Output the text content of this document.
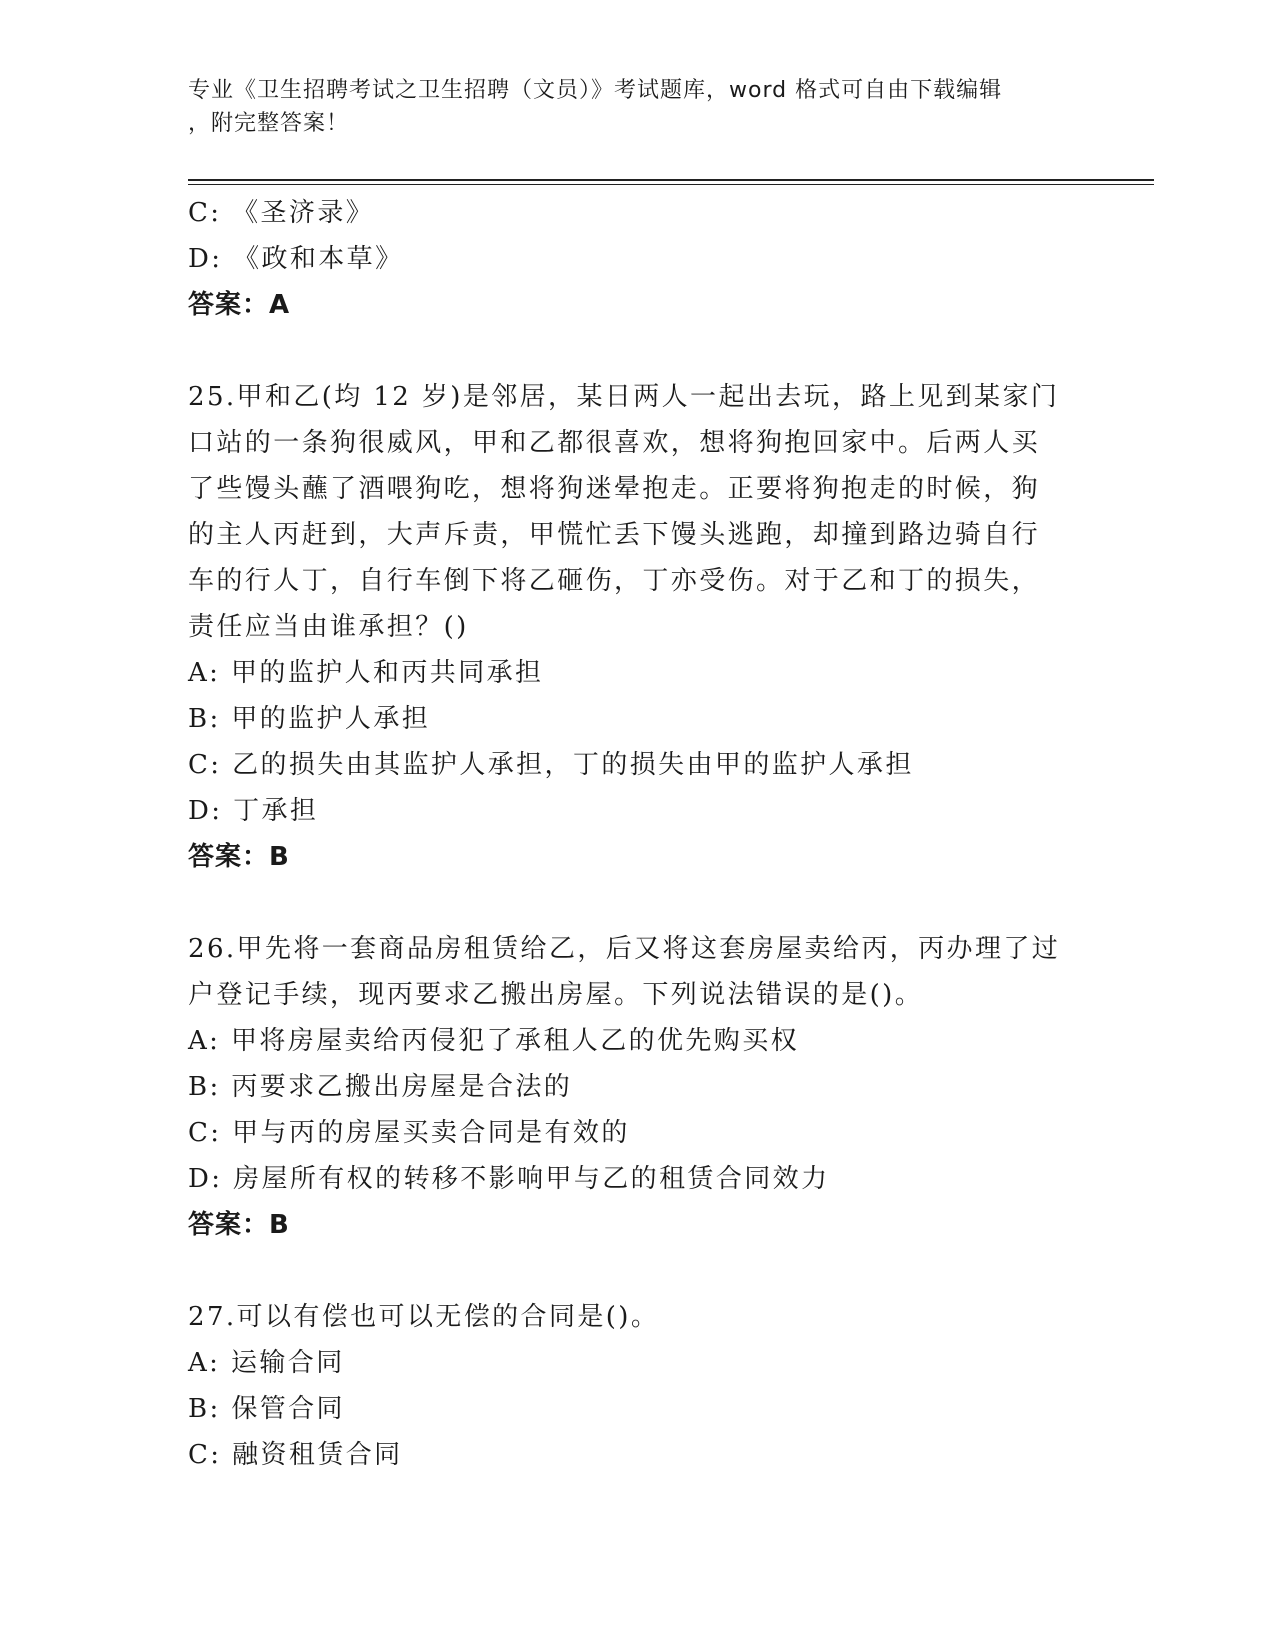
专业《卫生招聘考试之卫生招聘（文员）》考试题库，word 格式可自由下载编辑
，附完整答案！
C: 《圣济录》
D: 《政和本草》
答案：A
25.甲和乙(均 12 岁)是邻居，某日两人一起出去玩，路上见到某家门
口站的一条狗很威风，甲和乙都很喜欢，想将狗抱回家中。后两人买
了些馒头蘸了酒喂狗吃，想将狗迷晕抱走。正要将狗抱走的时候，狗
的主人丙赶到，大声斥责，甲慌忙丢下馒头逃跑，却撞到路边骑自行
车的行人丁，自行车倒下将乙砸伤，丁亦受伤。对于乙和丁的损失，
责任应当由谁承担？()
A: 甲的监护人和丙共同承担
B: 甲的监护人承担
C: 乙的损失由其监护人承担，丁的损失由甲的监护人承担
D: 丁承担
答案：B
26.甲先将一套商品房租赁给乙，后又将这套房屋卖给丙，丙办理了过
户登记手续，现丙要求乙搬出房屋。下列说法错误的是()。
A: 甲将房屋卖给丙侵犯了承租人乙的优先购买权
B: 丙要求乙搬出房屋是合法的
C: 甲与丙的房屋买卖合同是有效的
D: 房屋所有权的转移不影响甲与乙的租赁合同效力
答案：B
27.可以有偿也可以无偿的合同是()。
A: 运输合同
B: 保管合同
C: 融资租赁合同
